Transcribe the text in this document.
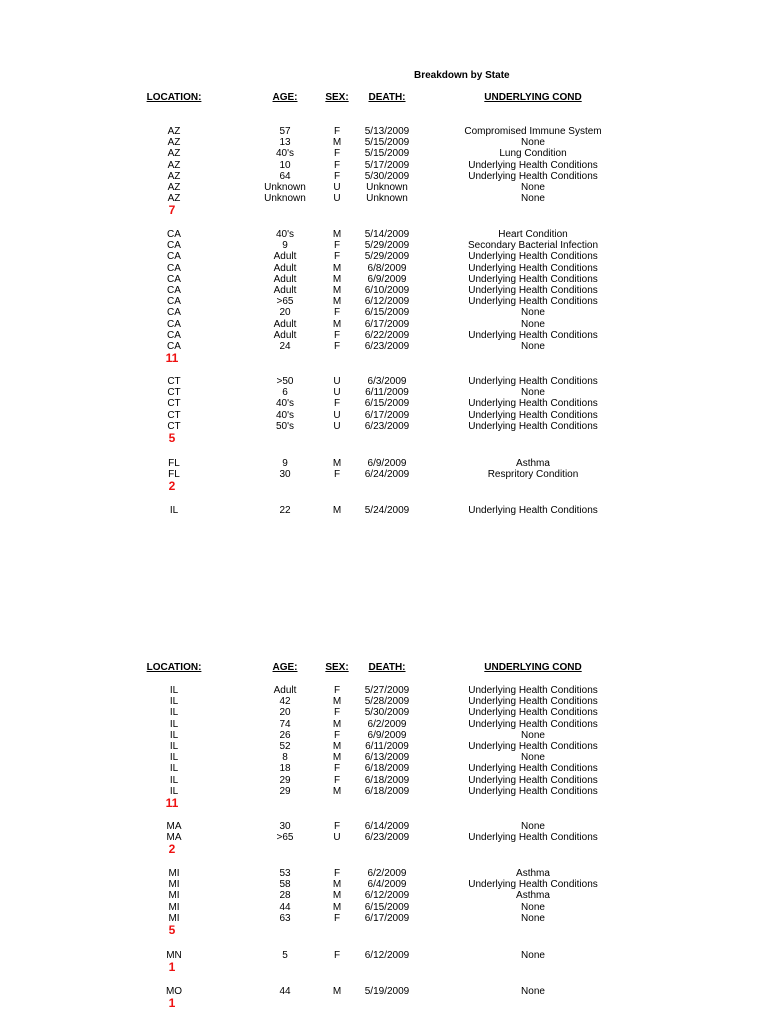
Breakdown by State
LOCATION:	AGE:	SEX: DEATH:	UNDERLYING COND
AZ	57	F 5/13/2009	Compromised Immune System
AZ	13	M 5/15/2009	None
AZ	40's	F 5/15/2009	Lung Condition
AZ	10	F 5/17/2009	Underlying Health Conditions
AZ	64	F 5/30/2009	Underlying Health Conditions
AZ	Unknown	U	Unknown	None
AZ	Unknown	U	Unknown	None
7
CA	40's	M 5/14/2009	Heart Condition
CA	9	F 5/29/2009	Secondary Bacterial Infection
CA	Adult	F 5/29/2009	Underlying Health Conditions
CA	Adult	M	6/8/2009	Underlying Health Conditions
CA	Adult	M	6/9/2009	Underlying Health Conditions
CA	Adult	M 6/10/2009	Underlying Health Conditions
CA	>65	M 6/12/2009	Underlying Health Conditions
CA	20	F 6/15/2009	None
CA	Adult	M 6/17/2009	None
CA	Adult	F 6/22/2009	Underlying Health Conditions
CA	24	F 6/23/2009	None
11
CT	>50	U	6/3/2009	Underlying Health Conditions
CT	6	U 6/11/2009	None
CT	40's	F 6/15/2009	Underlying Health Conditions
CT	40's	U 6/17/2009	Underlying Health Conditions
CT	50's	U 6/23/2009	Underlying Health Conditions
5
FL	9	M	6/9/2009	Asthma
FL	30	F 6/24/2009	Respritory Condition
2
IL	22	M 5/24/2009	Underlying Health Conditions
LOCATION:	AGE:	SEX: DEATH:	UNDERLYING COND
IL	Adult	F 5/27/2009	Underlying Health Conditions
IL	42	M 5/28/2009	Underlying Health Conditions
IL	20	F 5/30/2009	Underlying Health Conditions
IL	74	M	6/2/2009	Underlying Health Conditions
IL	26	F	6/9/2009	None
IL	52	M 6/11/2009	Underlying Health Conditions
IL	8	M 6/13/2009	None
IL	18	F 6/18/2009	Underlying Health Conditions
IL	29	F 6/18/2009	Underlying Health Conditions
IL	29	M 6/18/2009	Underlying Health Conditions
11
MA	30	F 6/14/2009	None
MA	>65	U 6/23/2009	Underlying Health Conditions
2
MI	53	F	6/2/2009	Asthma
MI	58	M	6/4/2009	Underlying Health Conditions
MI	28	M 6/12/2009	Asthma
MI	44	M 6/15/2009	None
MI	63	F 6/17/2009	None
5
MN	5	F 6/12/2009	None
1
MO	44	M 5/19/2009	None
1
